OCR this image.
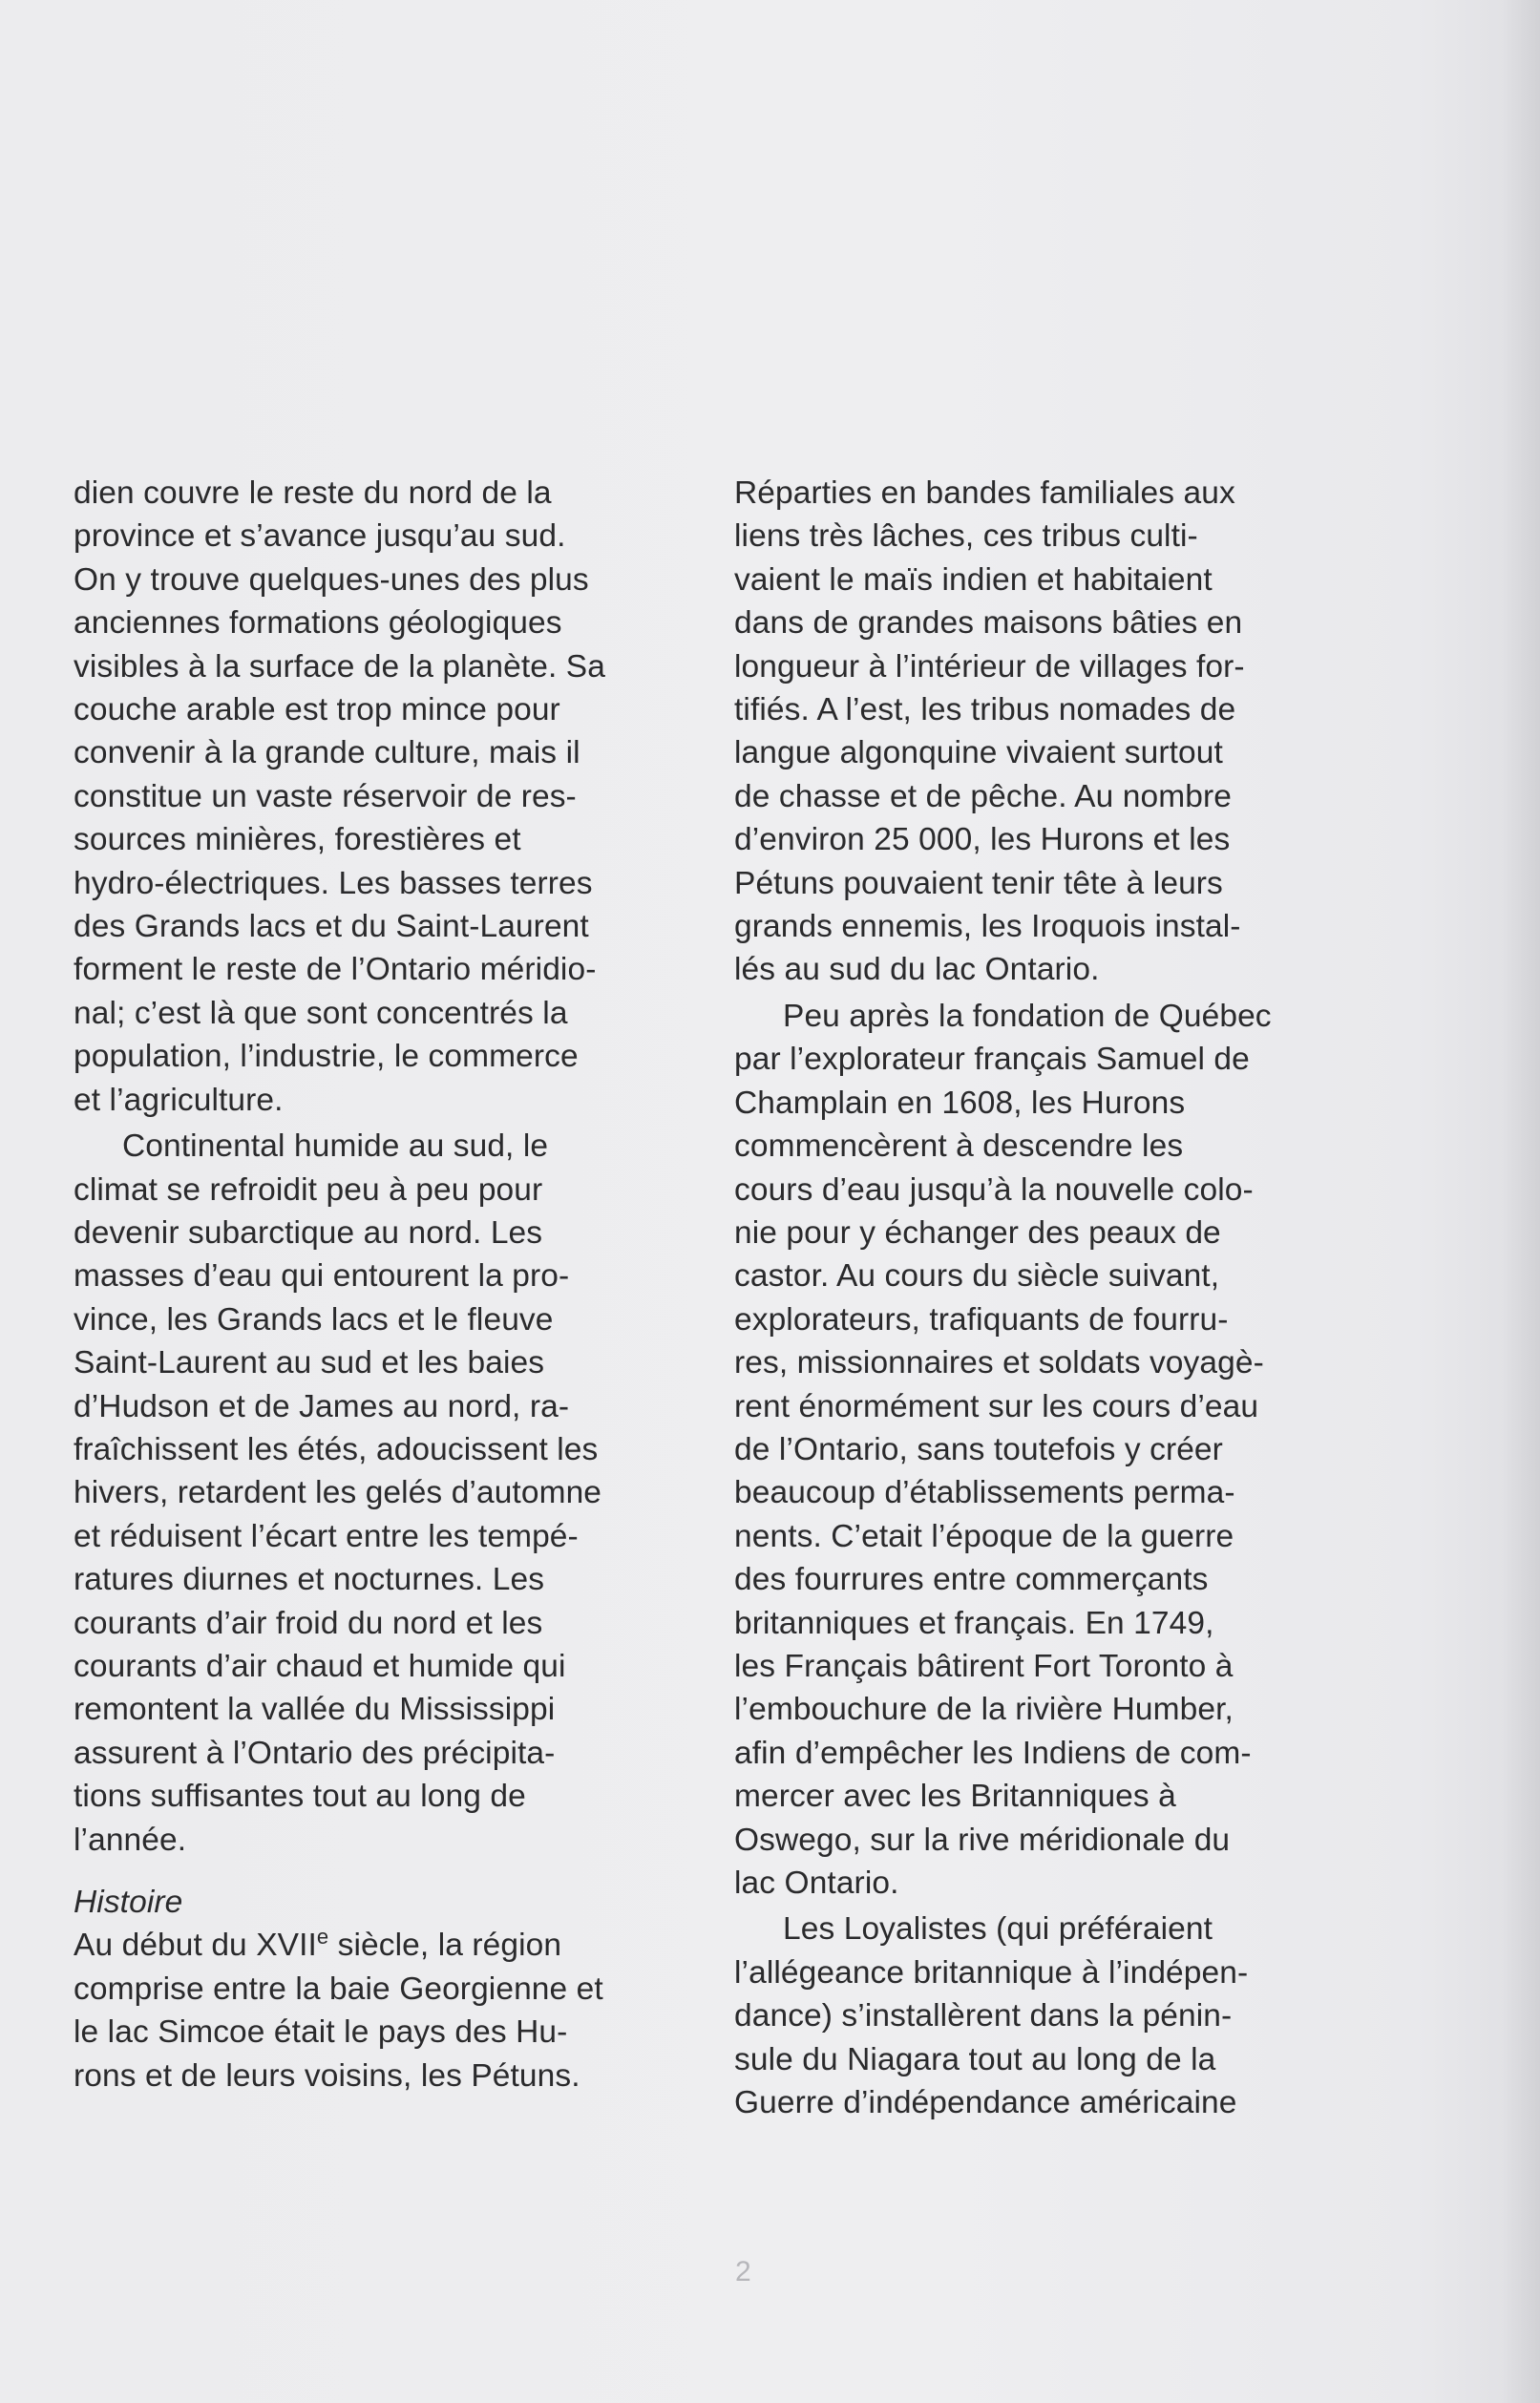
dien couvre le reste du nord de la
province et s’avance jusqu’au sud.
On y trouve quelques-unes des plus
anciennes formations géologiques
visibles à la surface de la planète. Sa
couche arable est trop mince pour
convenir à la grande culture, mais il
constitue un vaste réservoir de res-
sources minières, forestières et
hydro-électriques. Les basses terres
des Grands lacs et du Saint-Laurent
forment le reste de l’Ontario méridio-
nal; c’est là que sont concentrés la
population, l’industrie, le commerce
et l’agriculture.
Continental humide au sud, le
climat se refroidit peu à peu pour
devenir subarctique au nord. Les
masses d’eau qui entourent la pro-
vince, les Grands lacs et le fleuve
Saint-Laurent au sud et les baies
d’Hudson et de James au nord, ra-
fraîchissent les étés, adoucissent les
hivers, retardent les gelés d’automne
et réduisent l’écart entre les tempé-
ratures diurnes et nocturnes. Les
courants d’air froid du nord et les
courants d’air chaud et humide qui
remontent la vallée du Mississippi
assurent à l’Ontario des précipita-
tions suffisantes tout au long de
l’année.
Histoire
Au début du XVIIe siècle, la région
comprise entre la baie Georgienne et
le lac Simcoe était le pays des Hu-
rons et de leurs voisins, les Pétuns.
Réparties en bandes familiales aux
liens très lâches, ces tribus culti-
vaient le maïs indien et habitaient
dans de grandes maisons bâties en
longueur à l’intérieur de villages for-
tifiés. A l’est, les tribus nomades de
langue algonquine vivaient surtout
de chasse et de pêche. Au nombre
d’environ 25 000, les Hurons et les
Pétuns pouvaient tenir tête à leurs
grands ennemis, les Iroquois instal-
lés au sud du lac Ontario.
Peu après la fondation de Québec
par l’explorateur français Samuel de
Champlain en 1608, les Hurons
commencèrent à descendre les
cours d’eau jusqu’à la nouvelle colo-
nie pour y échanger des peaux de
castor. Au cours du siècle suivant,
explorateurs, trafiquants de fourru-
res, missionnaires et soldats voyagè-
rent énormément sur les cours d’eau
de l’Ontario, sans toutefois y créer
beaucoup d’établissements perma-
nents. C’etait l’époque de la guerre
des fourrures entre commerçants
britanniques et français. En 1749,
les Français bâtirent Fort Toronto à
l’embouchure de la rivière Humber,
afin d’empêcher les Indiens de com-
mercer avec les Britanniques à
Oswego, sur la rive méridionale du
lac Ontario.
Les Loyalistes (qui préféraient
l’allégeance britannique à l’indépen-
dance) s’installèrent dans la pénin-
sule du Niagara tout au long de la
Guerre d’indépendance américaine
2
